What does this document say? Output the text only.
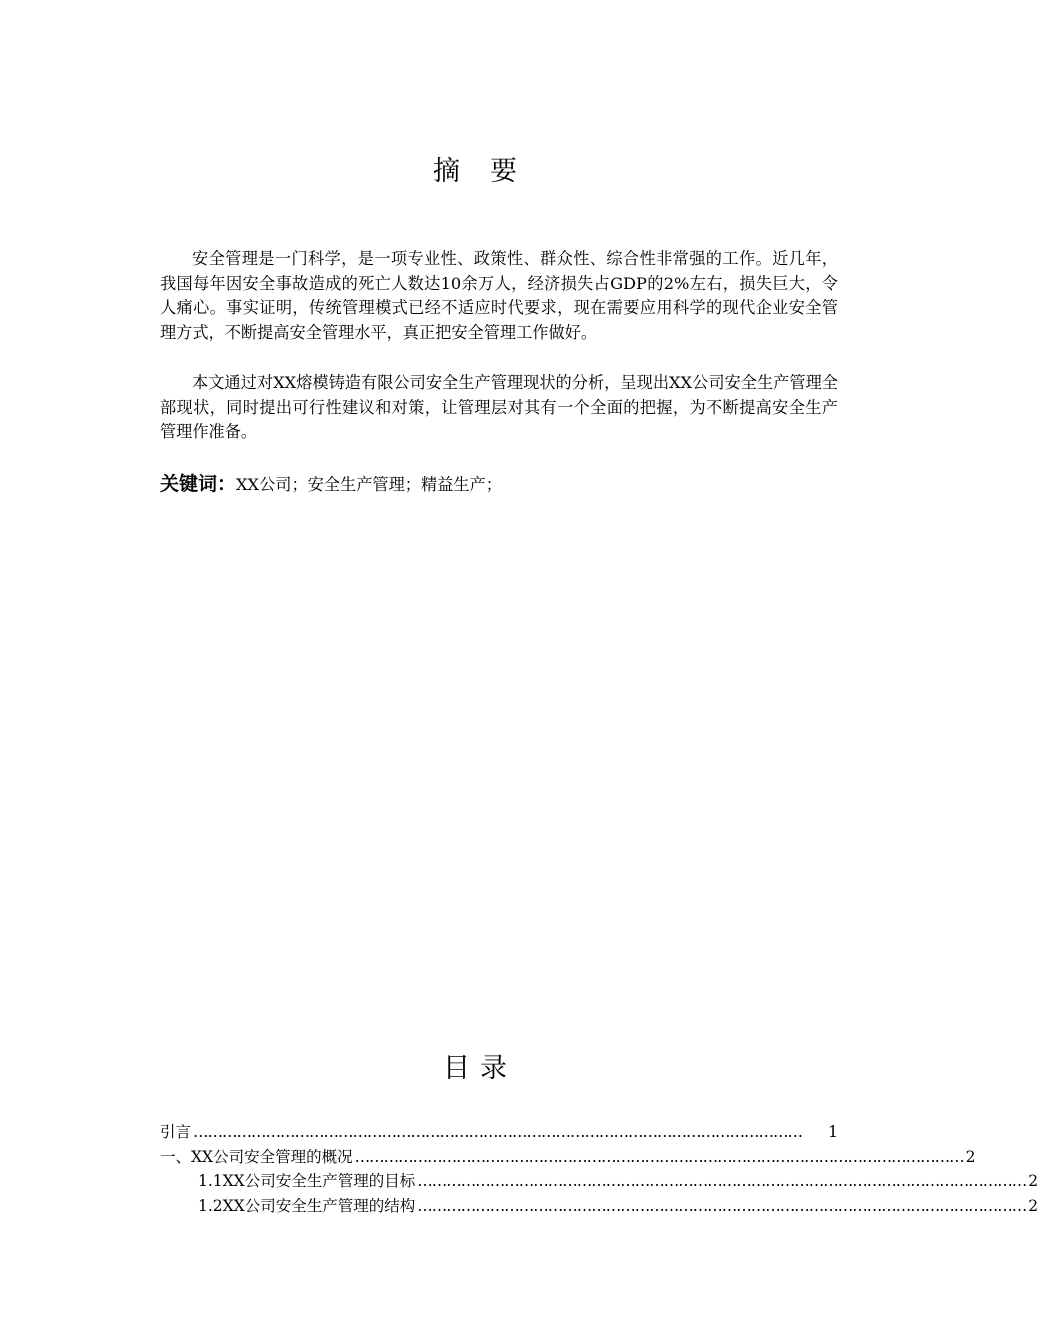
摘要

安全管理是一门科学，是一项专业性、政策性、群众性、综合性非常强的工作。近几年，我国每年因安全事故造成的死亡人数达10余万人，经济损失占GDP的2%左右，损失巨大，令人痛心。事实证明，传统管理模式已经不适应时代要求，现在需要应用科学的现代企业安全管理方式，不断提高安全管理水平，真正把安全管理工作做好。

本文通过对XX熔模铸造有限公司安全生产管理现状的分析，呈现出XX公司安全生产管理全部现状，同时提出可行性建议和对策，让管理层对其有一个全面的把握，为不断提高安全生产管理作准备。

关键词：XX公司；安全生产管理；精益生产；
目录
引言 ………………………………………………………………………………………………………………	1
一、XX公司安全管理的概况 ……………………………………………………………………………………………………………… 2
1.1XX公司安全生产管理的目标 ……………………………………………………………………………………………………………… 2
1.2XX公司安全生产管理的结构 ……………………………………………………………………………………………………………… 2
